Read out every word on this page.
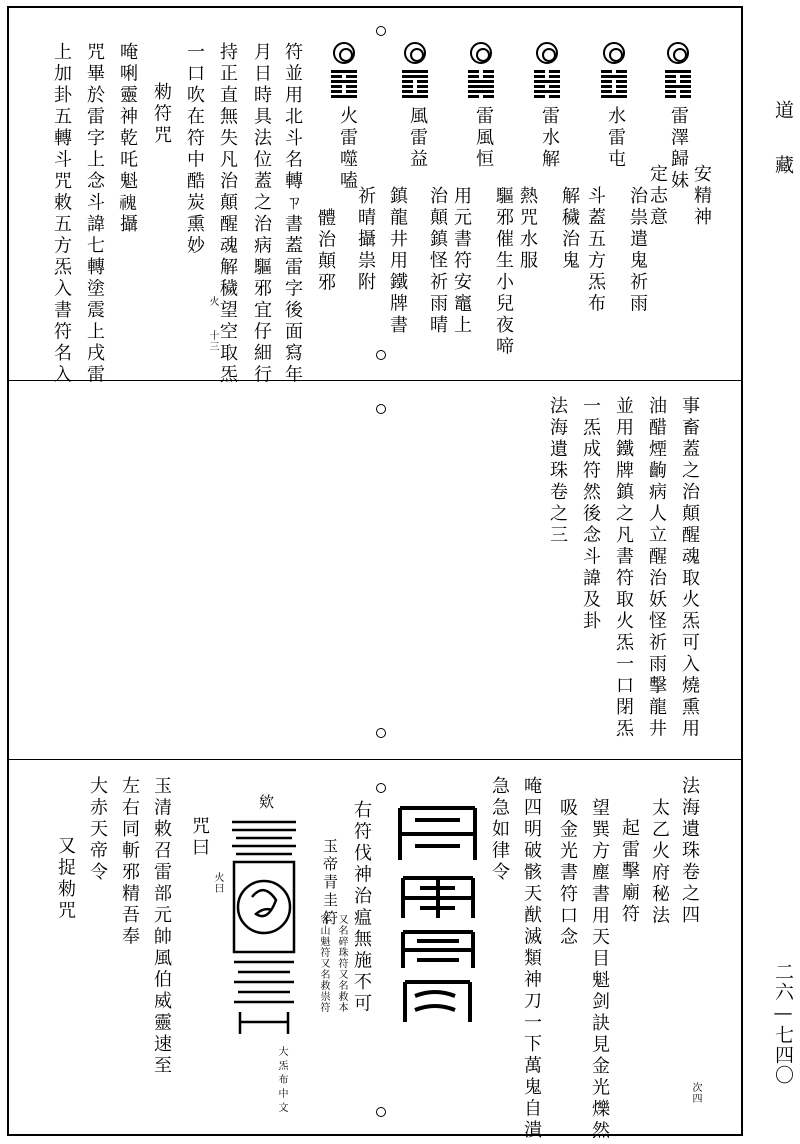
道藏
二六—七四〇
雷澤歸妹
安精神
定志意
水雷屯
治祟遣鬼祈雨
斗蓋五方炁布
雷水解
解穢治鬼
熱咒水服
雷風恒
驅邪催生小兒夜啼
用元書符安竈上
風雷益
治顛鎮怪祈雨晴
鎮龍井用鐵牌書
火雷噬嗑
祈晴攝祟附
體治顛邪
符並用北斗名轉ㄗ書蓋雷字後面寫年
月日時具法位蓋之治病驅邪宜仔細行
持正直無失凡治顛醒魂解穢望空取炁
一口吹在符中酷炭熏妙
勑符咒
唵唎靈神乾吒魁𩲡攝
咒畢於雷字上念斗諱七轉塗震上戌雷
上加卦五轉斗咒敕五方炁入書符名入	火
十三
事畜蓋之治顛醒魂取火炁可入燒熏用
油醋煙齣病人立醒治妖怪祈雨擊龍井
並用鐵牌鎮之凡書符取火炁一口閉炁
一炁成符然後念斗諱及卦
法海遺珠卷之三
法海遺珠卷之四
太乙火府秘法
起雷擊廟符
望巽方塵書用天目魁剑訣見金光爍然
吸金光書符口念
唵四明破骸天猷滅類神刀一下萬鬼自潰
急急如律令
次四
右符伐神治瘟無施不可
玉帝青圭符
又名碎珠符又名救本
客山魁符又名救祟符
欸
火曰
大炁布中文
咒曰
玉清敕召雷部元帥風伯威靈速至
左右同斬邪精吾奉
大赤天帝令
又捉勑咒
